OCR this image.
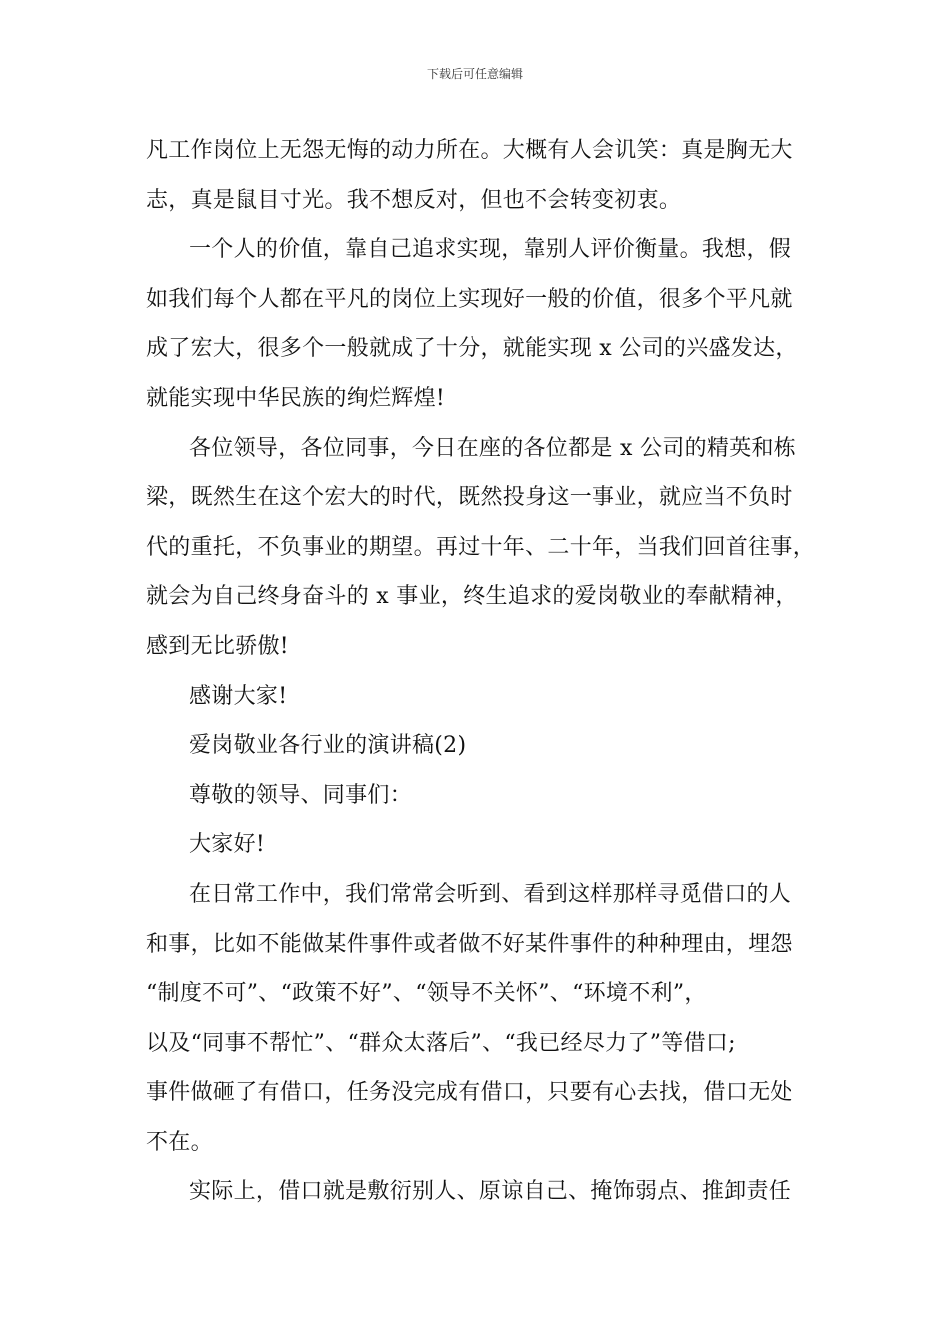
下载后可任意编辑
凡工作岗位上无怨无悔的动力所在。大概有人会讥笑：真是胸无大
志，真是鼠目寸光。我不想反对，但也不会转变初衷。
一个人的价值，靠自己追求实现，靠别人评价衡量。我想，假
如我们每个人都在平凡的岗位上实现好一般的价值，很多个平凡就
成了宏大，很多个一般就成了十分，就能实现 x 公司的兴盛发达，
就能实现中华民族的绚烂辉煌!
各位领导，各位同事，今日在座的各位都是 x 公司的精英和栋
梁，既然生在这个宏大的时代，既然投身这一事业，就应当不负时
代的重托，不负事业的期望。再过十年、二十年，当我们回首往事，
就会为自己终身奋斗的 x 事业，终生追求的爱岗敬业的奉献精神，
感到无比骄傲!
感谢大家!
爱岗敬业各行业的演讲稿(2)
尊敬的领导、同事们：
大家好!
在日常工作中，我们常常会听到、看到这样那样寻觅借口的人
和事，比如不能做某件事件或者做不好某件事件的种种理由，埋怨
“制度不可”、“政策不好”、“领导不关怀”、“环境不利”，
以及“同事不帮忙”、“群众太落后”、“我已经尽力了”等借口;
事件做砸了有借口，任务没完成有借口，只要有心去找，借口无处
不在。
实际上，借口就是敷衍别人、原谅自己、掩饰弱点、推卸责任
